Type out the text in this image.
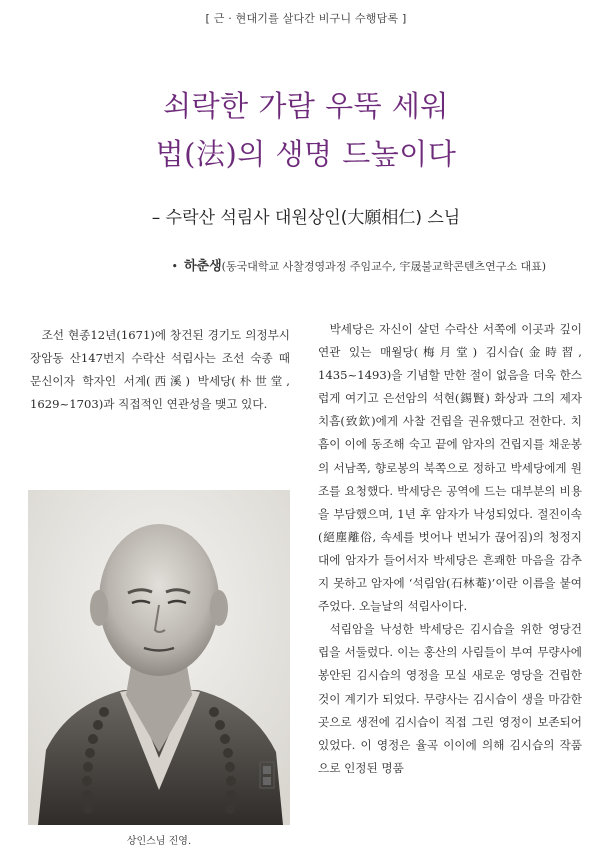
[ 근 · 현대기를 살다간 비구니 수행담록 ]
쇠락한 가람 우뚝 세워
법(法)의 생명 드높이다
– 수락산 석림사 대원상인(大願相仁) 스님
• 하춘생(동국대학교 사찰경영과정 주임교수, 宇晟불교학콘텐츠연구소 대표)

조선 현종12년(1671)에 창건된 경기도 의정부시 장암동 산147번지 수락산 석림사는 조선 숙종 때 문신이자 학자인 서계(西溪) 박세당(朴世堂, 1629~1703)과 직접적인 연관성을 맺고 있다.

상인스님 진영.

박세당은 자신이 살던 수락산 서쪽에 이곳과 깊이 연관 있는 매월당(梅月堂) 김시습(金時習, 1435~1493)을 기념할 만한 절이 없음을 더욱 한스럽게 여기고 은선암의 석현(錫賢) 화상과 그의 제자 치흠(致欽)에게 사찰 건립을 권유했다고 전한다. 치흠이 이에 동조해 숙고 끝에 암자의 건립지를 채운봉의 서남쪽, 향로봉의 북쪽으로 정하고 박세당에게 원조를 요청했다. 박세당은 공역에 드는 대부분의 비용을 부담했으며, 1년 후 암자가 낙성되었다. 절진이속(絕塵離俗, 속세를 벗어나 번뇌가 끊어짐)의 청정지대에 암자가 들어서자 박세당은 흔쾌한 마음을 감추지 못하고 암자에 ‘석림암(石林菴)’이란 이름을 붙여주었다. 오늘날의 석림사이다.

석림암을 낙성한 박세당은 김시습을 위한 영당건립을 서둘렀다. 이는 홍산의 사림들이 부여 무량사에 봉안된 김시습의 영정을 모실 새로운 영당을 건립한 것이 계기가 되었다. 무량사는 김시습이 생을 마감한 곳으로 생전에 김시습이 직접 그린 영정이 보존되어 있었다. 이 영정은 율곡 이이에 의해 김시습의 작품으로 인정된 명품
